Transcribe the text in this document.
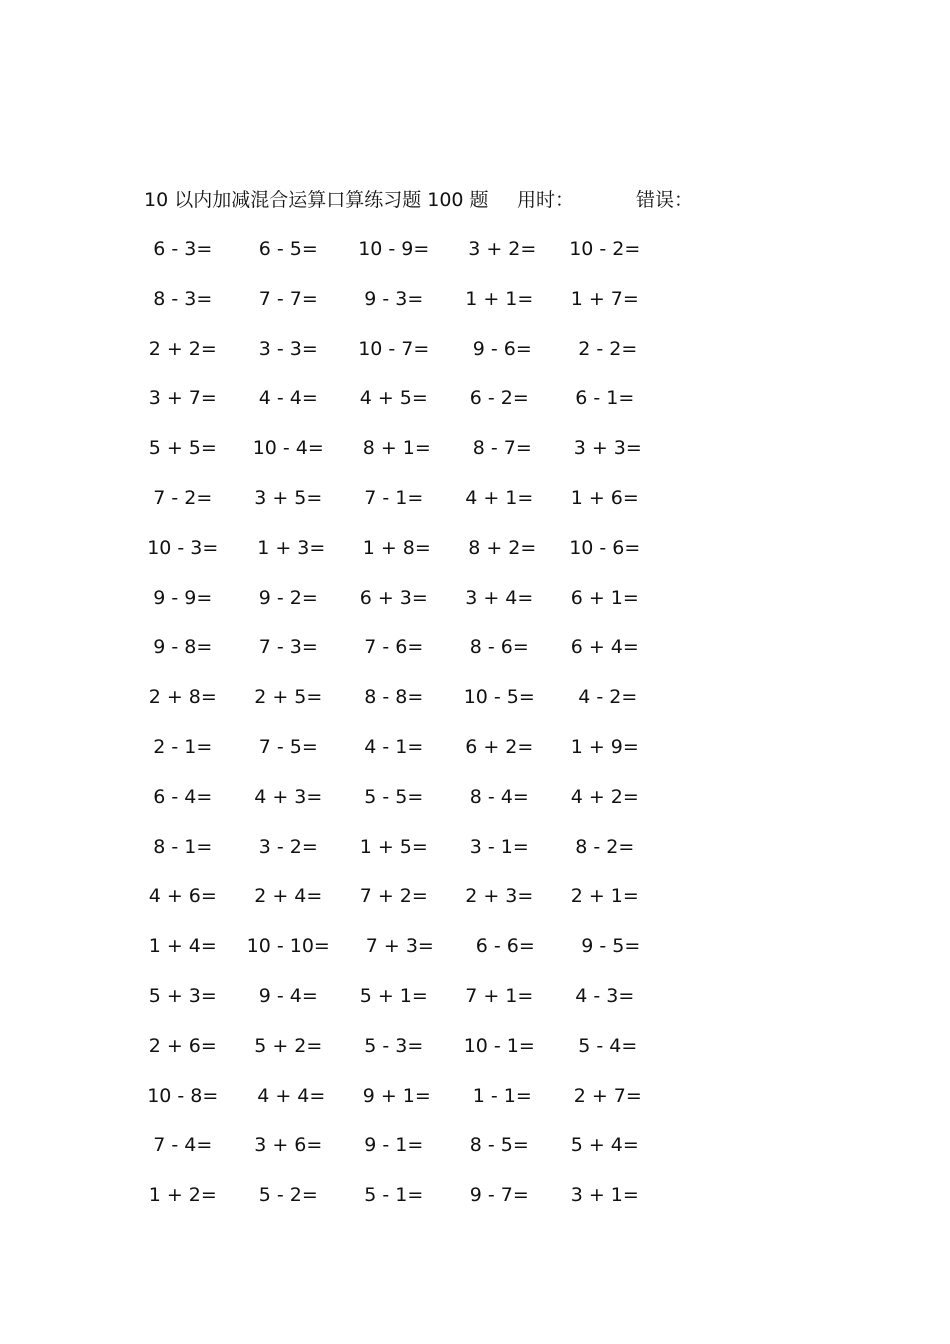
10 以内加减混合运算口算练习题 100 题 用时：	错误：
6 - 3=	6 - 5=	10 - 9=	3 + 2=	10 - 2=
8 - 3=	7 - 7=	9 - 3=	1 + 1=	1 + 7=
2 + 2=	3 - 3=	10 - 7=	9 - 6=	2 - 2=
3 + 7=	4 - 4=	4 + 5=	6 - 2=	6 - 1=
5 + 5=	10 - 4=	8 + 1=	8 - 7=	3 + 3=
7 - 2=	3 + 5=	7 - 1=	4 + 1=	1 + 6=
10 - 3=	1 + 3=	1 + 8=	8 + 2=	10 - 6=
9 - 9=	9 - 2=	6 + 3=	3 + 4=	6 + 1=
9 - 8=	7 - 3=	7 - 6=	8 - 6=	6 + 4=
2 + 8=	2 + 5=	8 - 8=	10 - 5=	4 - 2=
2 - 1=	7 - 5=	4 - 1=	6 + 2=	1 + 9=
6 - 4=	4 + 3=	5 - 5=	8 - 4=	4 + 2=
8 - 1=	3 - 2=	1 + 5=	3 - 1=	8 - 2=
4 + 6=	2 + 4=	7 + 2=	2 + 3=	2 + 1=
1 + 4=	10 - 10=	7 + 3=	6 - 6=	9 - 5=
5 + 3=	9 - 4=	5 + 1=	7 + 1=	4 - 3=
2 + 6=	5 + 2=	5 - 3=	10 - 1=	5 - 4=
10 - 8=	4 + 4=	9 + 1=	1 - 1=	2 + 7=
7 - 4=	3 + 6=	9 - 1=	8 - 5=	5 + 4=
1 + 2=	5 - 2=	5 - 1=	9 - 7=	3 + 1=
